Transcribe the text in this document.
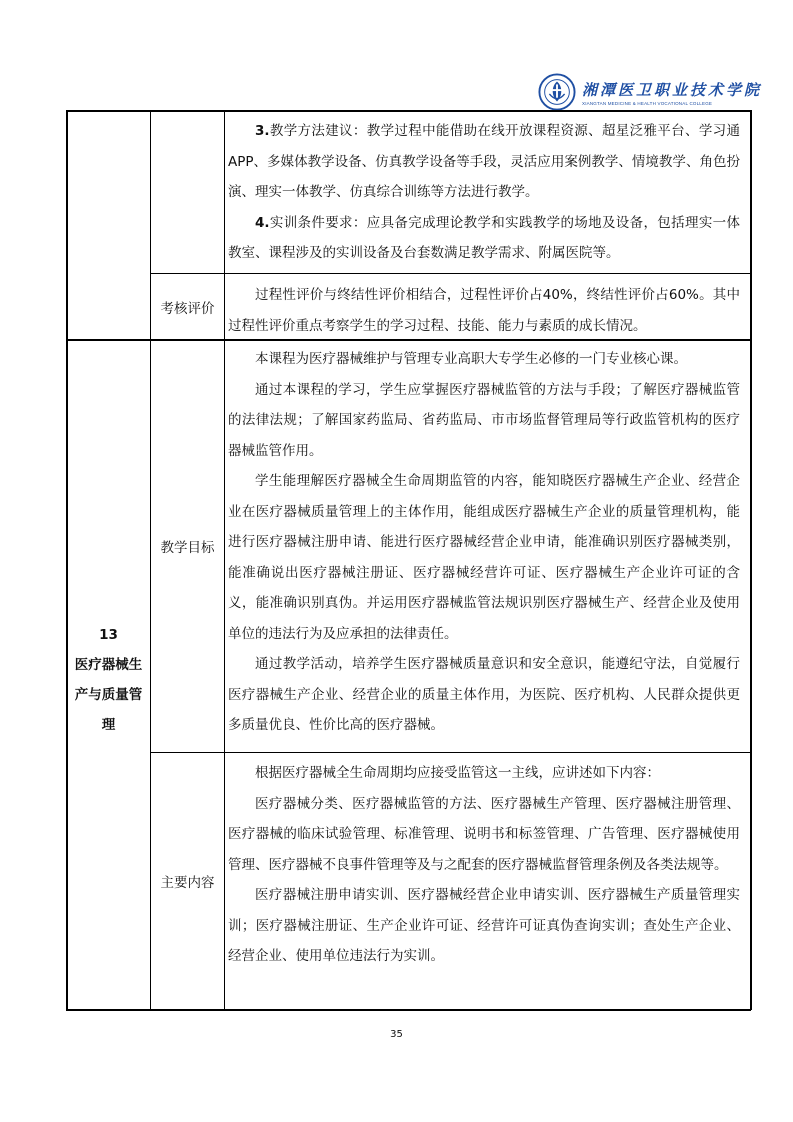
湘潭医卫职业技术学院
XIANGTAN MEDICINE & HEALTH VOCATIONAL COLLEGE

3.教学方法建议：教学过程中能借助在线开放课程资源、超星泛雅平台、学习通APP、多媒体教学设备、仿真教学设备等手段，灵活应用案例教学、情境教学、角色扮演、理实一体教学、仿真综合训练等方法进行教学。

4.实训条件要求：应具备完成理论教学和实践教学的场地及设备，包括理实一体教室、课程涉及的实训设备及台套数满足教学需求、附属医院等。

考核评价

过程性评价与终结性评价相结合，过程性评价占40%，终结性评价占60%。其中过程性评价重点考察学生的学习过程、技能、能力与素质的成长情况。

13
医疗器械生
产与质量管
理
教学目标

本课程为医疗器械维护与管理专业高职大专学生必修的一门专业核心课。

通过本课程的学习，学生应掌握医疗器械监管的方法与手段；了解医疗器械监管的法律法规；了解国家药监局、省药监局、市市场监督管理局等行政监管机构的医疗器械监管作用。

学生能理解医疗器械全生命周期监管的内容，能知晓医疗器械生产企业、经营企业在医疗器械质量管理上的主体作用，能组成医疗器械生产企业的质量管理机构，能进行医疗器械注册申请、能进行医疗器械经营企业申请，能准确识别医疗器械类别，能准确说出医疗器械注册证、医疗器械经营许可证、医疗器械生产企业许可证的含义，能准确识别真伪。并运用医疗器械监管法规识别医疗器械生产、经营企业及使用单位的违法行为及应承担的法律责任。

通过教学活动，培养学生医疗器械质量意识和安全意识，能遵纪守法，自觉履行医疗器械生产企业、经营企业的质量主体作用，为医院、医疗机构、人民群众提供更多质量优良、性价比高的医疗器械。

主要内容

根据医疗器械全生命周期均应接受监管这一主线，应讲述如下内容：

医疗器械分类、医疗器械监管的方法、医疗器械生产管理、医疗器械注册管理、医疗器械的临床试验管理、标准管理、说明书和标签管理、广告管理、医疗器械使用管理、医疗器械不良事件管理等及与之配套的医疗器械监督管理条例及各类法规等。

医疗器械注册申请实训、医疗器械经营企业申请实训、医疗器械生产质量管理实训；医疗器械注册证、生产企业许可证、经营许可证真伪查询实训；查处生产企业、经营企业、使用单位违法行为实训。

35
